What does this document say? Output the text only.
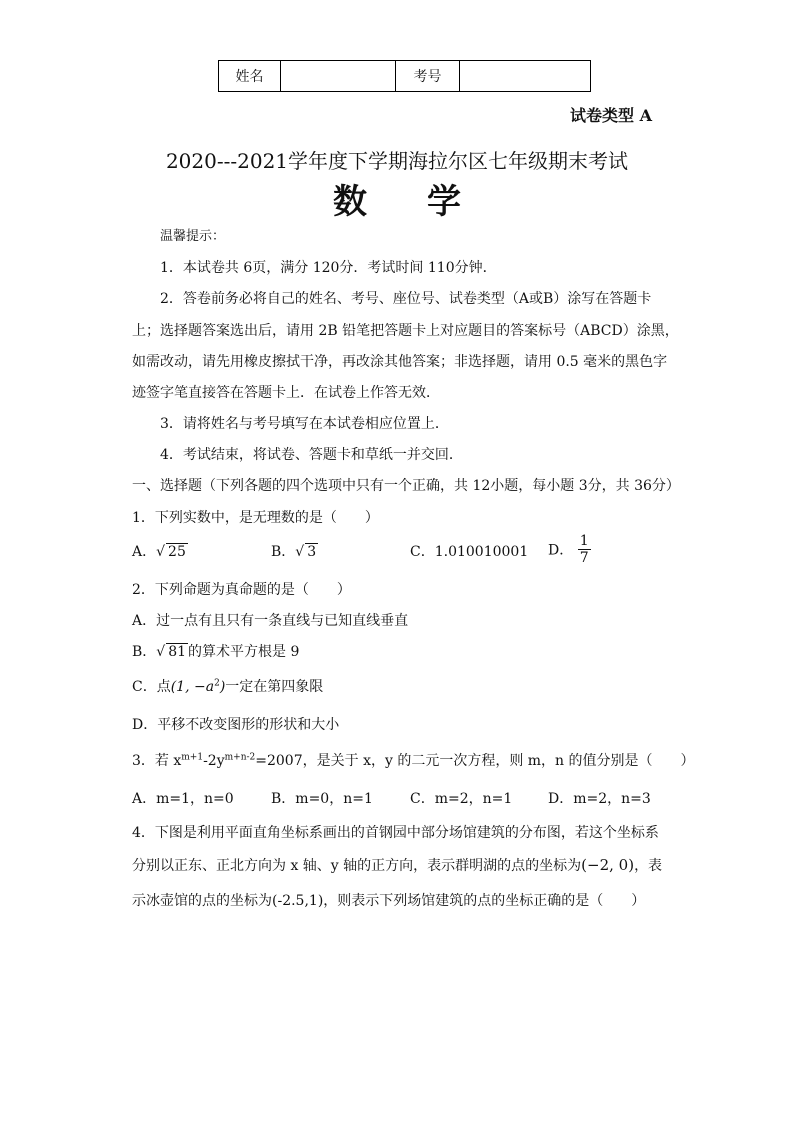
姓名		考号	
试卷类型 A
2020---2021学年度下学期海拉尔区七年级期末考试
数学
温馨提示：
1．本试卷共 6页，满分 120分．考试时间 110分钟．
2．答卷前务必将自己的姓名、考号、座位号、试卷类型（A或B）涂写在答题卡
上；选择题答案选出后，请用 2B 铅笔把答题卡上对应题目的答案标号（ABCD）涂黑，
如需改动，请先用橡皮擦拭干净，再改涂其他答案；非选择题，请用 0.5 毫米的黑色字
迹签字笔直接答在答题卡上．在试卷上作答无效．
3．请将姓名与考号填写在本试卷相应位置上．
4．考试结束，将试卷、答题卡和草纸一并交回．
一、选择题（下列各题的四个选项中只有一个正确，共 12小题，每小题 3分，共 36分）
1．下列实数中，是无理数的是（　　）
A．√ 25	B．√ 3	C．1.010010001 D． $\frac{1}{7}$
2．下列命题为真命题的是（　　）
A．过一点有且只有一条直线与已知直线垂直
B．√ 81 的算术平方根是 9
C．点(1, $-a^2$)一定在第四象限
D．平移不改变图形的形状和大小
3．若 $x^{m+1}-2y^{m+n-2}=2007$，是关于 x，y 的二元一次方程，则 m，n 的值分别是（　　）
A．m=1，n=0	B．m=0，n=1	C．m=2，n=1	D．m=2，n=3
4．下图是利用平面直角坐标系画出的首钢园中部分场馆建筑的分布图，若这个坐标系
分别以正东、正北方向为 x 轴、y 轴的正方向，表示群明湖的点的坐标为(−2, 0)，表
示冰壶馆的点的坐标为(-2.5,1)，则表示下列场馆建筑的点的坐标正确的是（　　）
